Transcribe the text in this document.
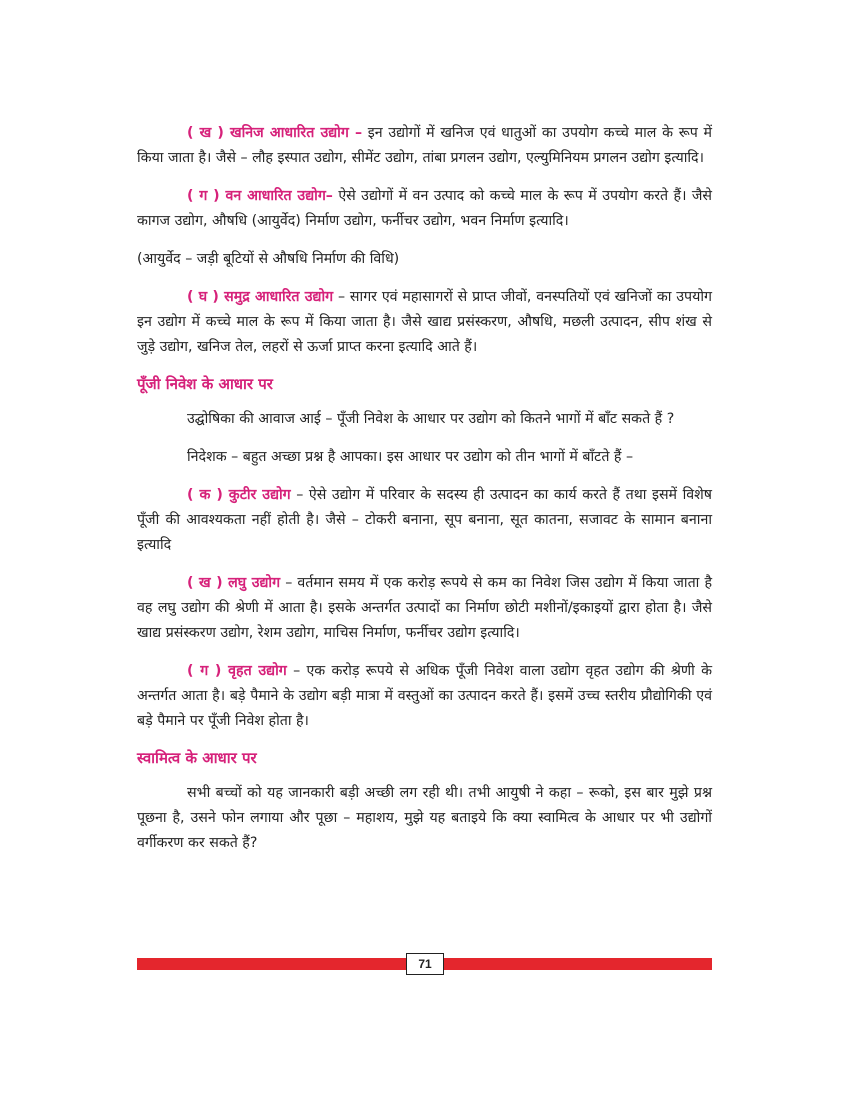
( ख ) खनिज आधारित उद्योग – इन उद्योगों में खनिज एवं धातुओं का उपयोग कच्चे माल के रूप में किया जाता है। जैसे – लौह इस्पात उद्योग, सीमेंट उद्योग, तांबा प्रगलन उद्योग, एल्युमिनियम प्रगलन उद्योग इत्यादि।

( ग ) वन आधारित उद्योग– ऐसे उद्योगों में वन उत्पाद को कच्चे माल के रूप में उपयोग करते हैं। जैसे कागज उद्योग, औषधि (आयुर्वेद) निर्माण उद्योग, फर्नीचर उद्योग, भवन निर्माण इत्यादि।

(आयुर्वेद – जड़ी बूटियों से औषधि निर्माण की विधि)

( घ ) समुद्र आधारित उद्योग – सागर एवं महासागरों से प्राप्त जीवों, वनस्पतियों एवं खनिजों का उपयोग इन उद्योग में कच्चे माल के रूप में किया जाता है। जैसे खाद्य प्रसंस्करण, औषधि, मछली उत्पादन, सीप शंख से जुड़े उद्योग, खनिज तेल, लहरों से ऊर्जा प्राप्त करना इत्यादि आते हैं।

पूँजी निवेश के आधार पर

उद्घोषिका की आवाज आई – पूँजी निवेश के आधार पर उद्योग को कितने भागों में बाँट सकते हैं ?

निदेशक – बहुत अच्छा प्रश्न है आपका। इस आधार पर उद्योग को तीन भागों में बाँटते हैं –

( क ) कुटीर उद्योग – ऐसे उद्योग में परिवार के सदस्य ही उत्पादन का कार्य करते हैं तथा इसमें विशेष पूँजी की आवश्यकता नहीं होती है। जैसे – टोकरी बनाना, सूप बनाना, सूत कातना, सजावट के सामान बनाना इत्यादि

( ख ) लघु उद्योग – वर्तमान समय में एक करोड़ रूपये से कम का निवेश जिस उद्योग में किया जाता है वह लघु उद्योग की श्रेणी में आता है। इसके अन्तर्गत उत्पादों का निर्माण छोटी मशीनों/इकाइयों द्वारा होता है। जैसे खाद्य प्रसंस्करण उद्योग, रेशम उद्योग, माचिस निर्माण, फर्नीचर उद्योग इत्यादि।

( ग ) वृहत उद्योग – एक करोड़ रूपये से अधिक पूँजी निवेश वाला उद्योग वृहत उद्योग की श्रेणी के अन्तर्गत आता है। बड़े पैमाने के उद्योग बड़ी मात्रा में वस्तुओं का उत्पादन करते हैं। इसमें उच्च स्तरीय प्रौद्योगिकी एवं बड़े पैमाने पर पूँजी निवेश होता है।

स्वामित्व के आधार पर

सभी बच्चों को यह जानकारी बड़ी अच्छी लग रही थी। तभी आयुषी ने कहा – रूको, इस बार मुझे प्रश्न पूछना है, उसने फोन लगाया और पूछा – महाशय, मुझे यह बताइये कि क्या स्वामित्व के आधार पर भी उद्योगों वर्गीकरण कर सकते हैं?

71
